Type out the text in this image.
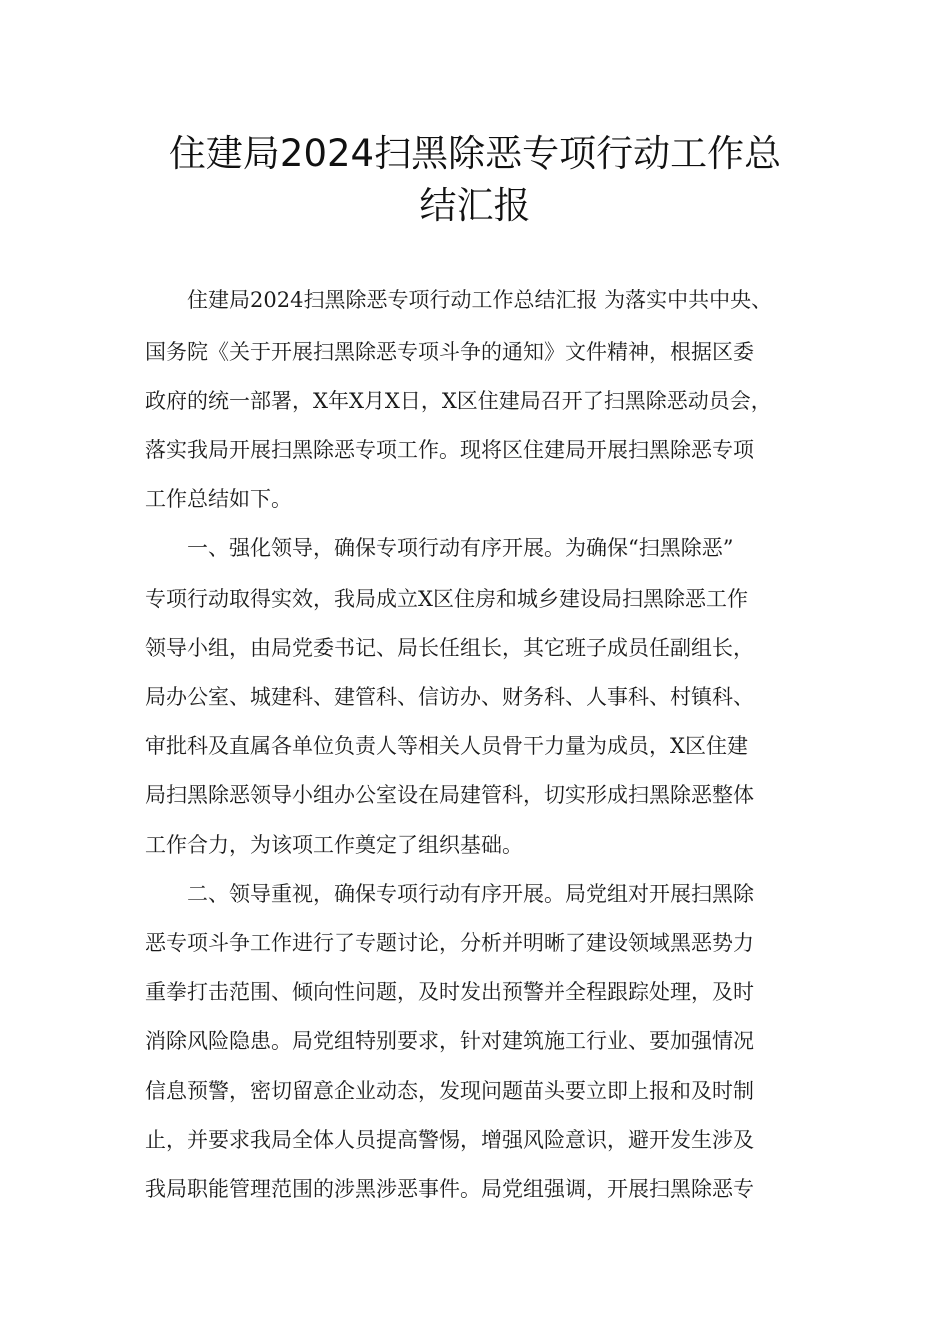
住建局2024扫黑除恶专项行动工作总
结汇报
　　住建局2024扫黑除恶专项行动工作总结汇报 为落实中共中央、
国务院《关于开展扫黑除恶专项斗争的通知》文件精神，根据区委
政府的统一部署，X年X月X日，X区住建局召开了扫黑除恶动员会，
落实我局开展扫黑除恶专项工作。现将区住建局开展扫黑除恶专项
工作总结如下。
　　一、强化领导，确保专项行动有序开展。为确保“扫黑除恶”
专项行动取得实效，我局成立X区住房和城乡建设局扫黑除恶工作
领导小组，由局党委书记、局长任组长，其它班子成员任副组长，
局办公室、城建科、建管科、信访办、财务科、人事科、村镇科、
审批科及直属各单位负责人等相关人员骨干力量为成员，X区住建
局扫黑除恶领导小组办公室设在局建管科，切实形成扫黑除恶整体
工作合力，为该项工作奠定了组织基础。
　　二、领导重视，确保专项行动有序开展。局党组对开展扫黑除
恶专项斗争工作进行了专题讨论，分析并明晰了建设领域黑恶势力
重拳打击范围、倾向性问题，及时发出预警并全程跟踪处理，及时
消除风险隐患。局党组特别要求，针对建筑施工行业、要加强情况
信息预警，密切留意企业动态，发现问题苗头要立即上报和及时制
止，并要求我局全体人员提高警惕，增强风险意识，避开发生涉及
我局职能管理范围的涉黑涉恶事件。局党组强调，开展扫黑除恶专
